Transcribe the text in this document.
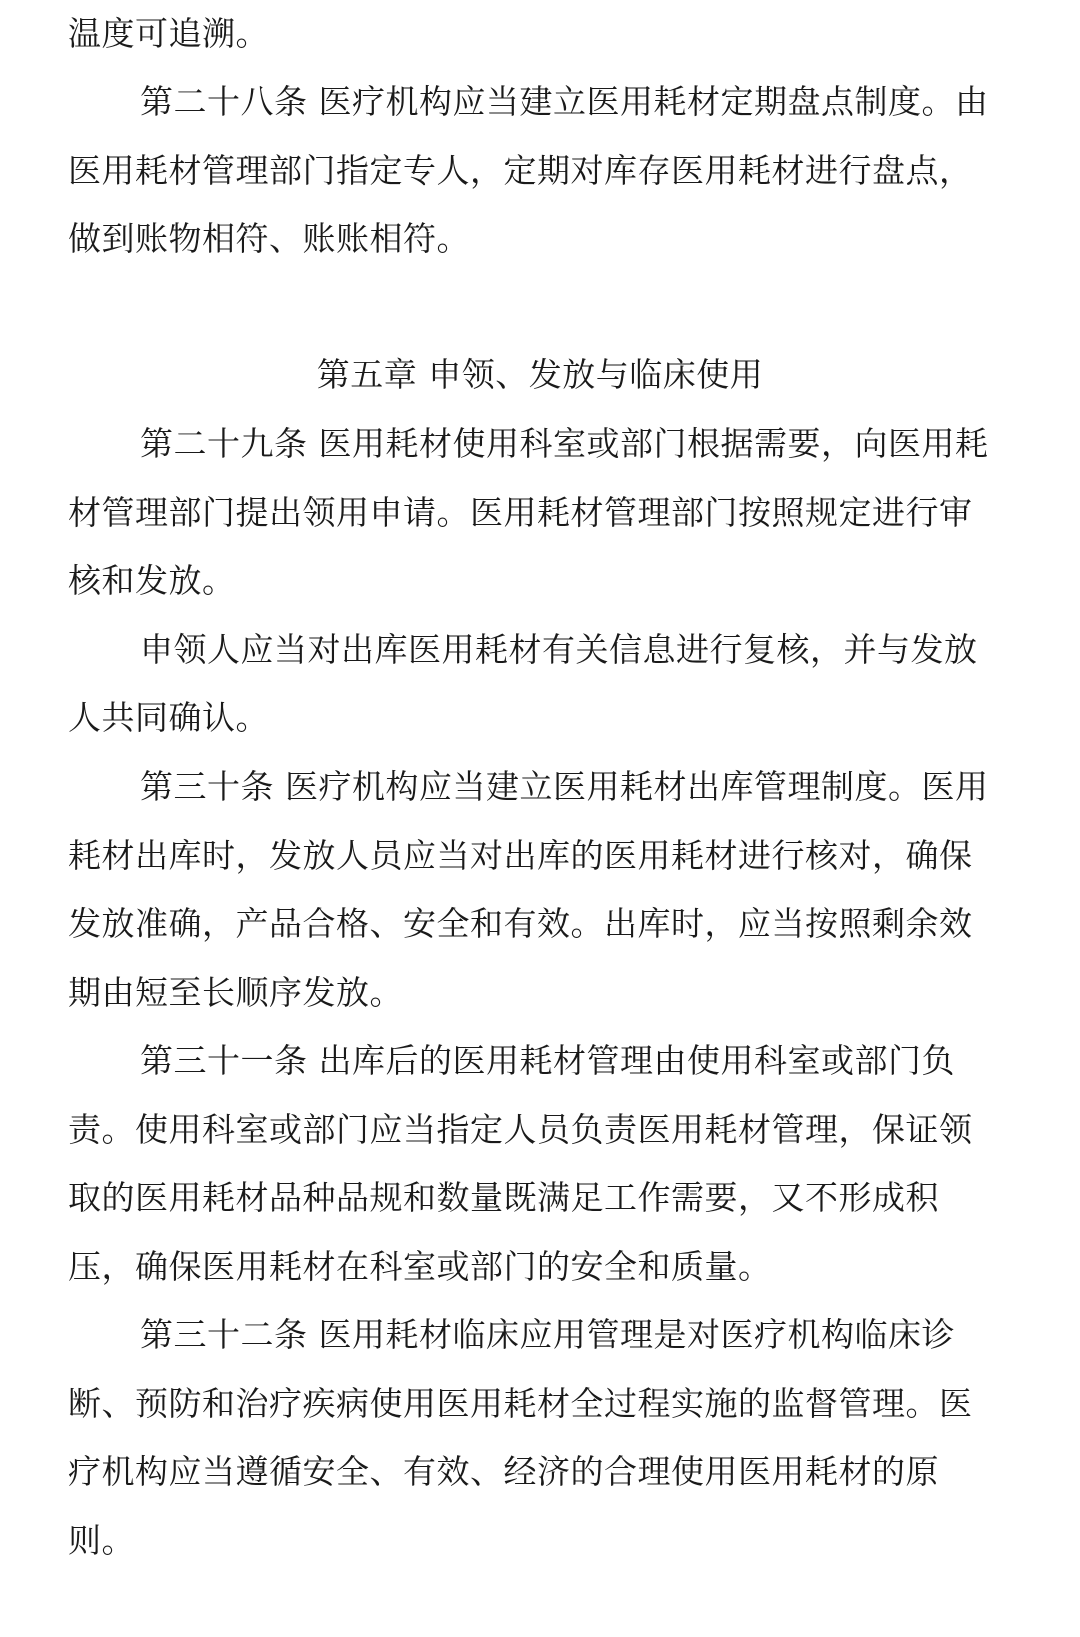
温度可追溯。
第二十八条 医疗机构应当建立医用耗材定期盘点制度。由
医用耗材管理部门指定专人，定期对库存医用耗材进行盘点，
做到账物相符、账账相符。
第五章 申领、发放与临床使用
第二十九条 医用耗材使用科室或部门根据需要，向医用耗
材管理部门提出领用申请。医用耗材管理部门按照规定进行审
核和发放。
申领人应当对出库医用耗材有关信息进行复核，并与发放
人共同确认。
第三十条 医疗机构应当建立医用耗材出库管理制度。医用
耗材出库时，发放人员应当对出库的医用耗材进行核对，确保
发放准确，产品合格、安全和有效。出库时，应当按照剩余效
期由短至长顺序发放。
第三十一条 出库后的医用耗材管理由使用科室或部门负
责。使用科室或部门应当指定人员负责医用耗材管理，保证领
取的医用耗材品种品规和数量既满足工作需要，又不形成积
压，确保医用耗材在科室或部门的安全和质量。
第三十二条 医用耗材临床应用管理是对医疗机构临床诊
断、预防和治疗疾病使用医用耗材全过程实施的监督管理。医
疗机构应当遵循安全、有效、经济的合理使用医用耗材的原
则。
